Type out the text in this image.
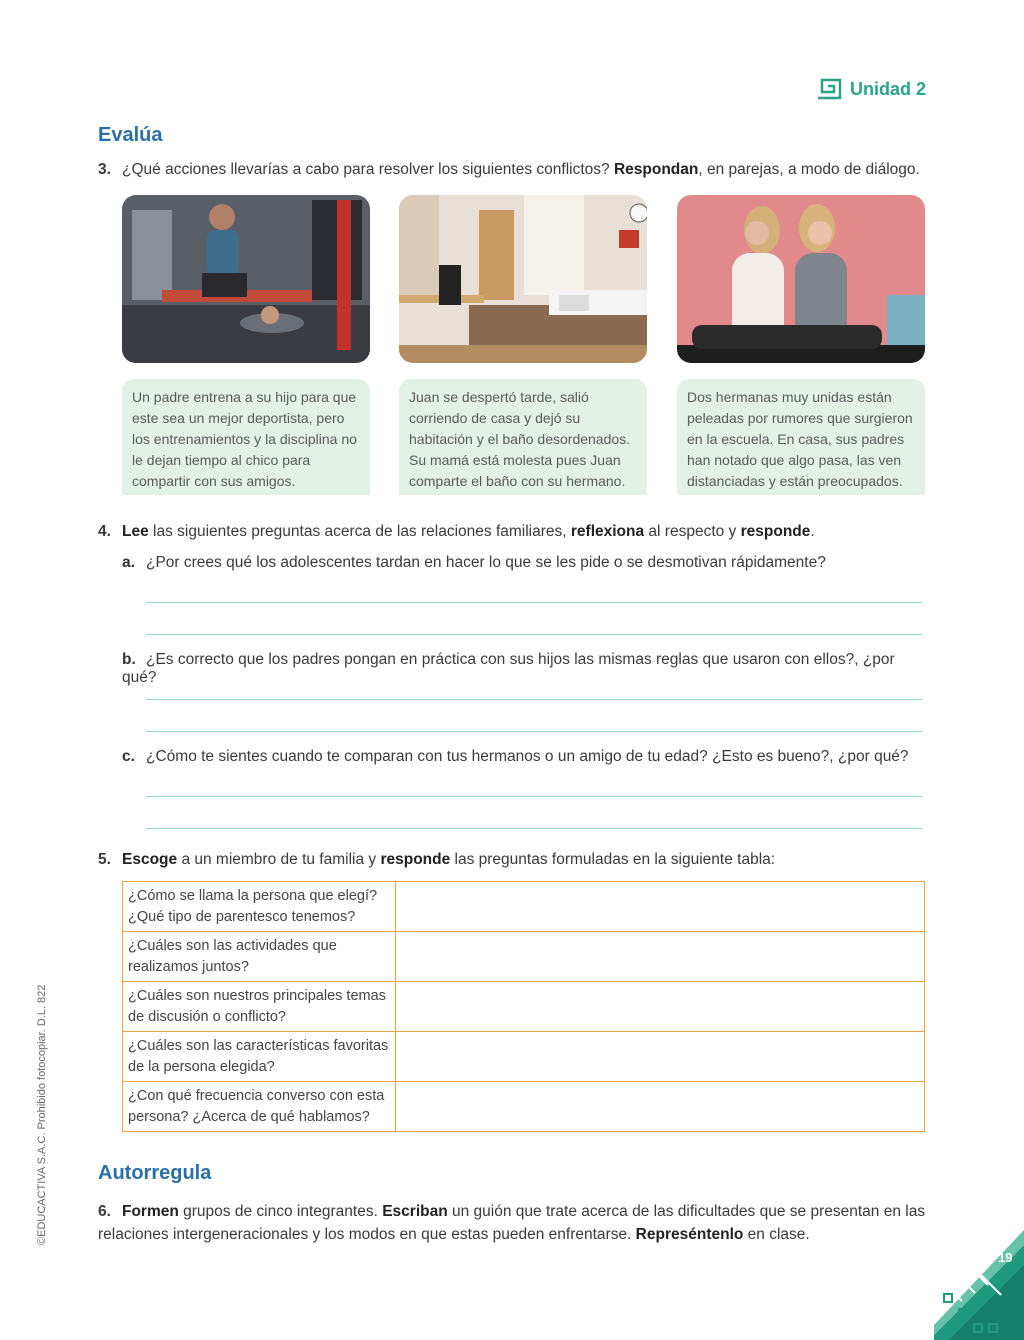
Unidad 2
Evalúa
3. ¿Qué acciones llevarías a cabo para resolver los siguientes conflictos? Respondan, en parejas, a modo de diálogo.
Un padre entrena a su hijo para que este sea un mejor deportista, pero los entrenamientos y la disciplina no le dejan tiempo al chico para compartir con sus amigos.
Juan se despertó tarde, salió corriendo de casa y dejó su habitación y el baño desordenados. Su mamá está molesta pues Juan comparte el baño con su hermano.
Dos hermanas muy unidas están peleadas por rumores que surgieron en la escuela. En casa, sus padres han notado que algo pasa, las ven distanciadas y están preocupados.
4. Lee las siguientes preguntas acerca de las relaciones familiares, reflexiona al respecto y responde.
a. ¿Por crees qué los adolescentes tardan en hacer lo que se les pide o se desmotivan rápidamente?
b. ¿Es correcto que los padres pongan en práctica con sus hijos las mismas reglas que usaron con ellos?, ¿por qué?
c. ¿Cómo te sientes cuando te comparan con tus hermanos o un amigo de tu edad? ¿Esto es bueno?, ¿por qué?
5. Escoge a un miembro de tu familia y responde las preguntas formuladas en la siguiente tabla:
¿Cómo se llama la persona que elegí? ¿Qué tipo de parentesco tenemos?	
¿Cuáles son las actividades que realizamos juntos?	
¿Cuáles son nuestros principales temas de discusión o conflicto?	
¿Cuáles son las características favoritas de la persona elegida?	
¿Con qué frecuencia converso con esta persona? ¿Acerca de qué hablamos?	
Autorregula
6. Formen grupos de cinco integrantes. Escriban un guión que trate acerca de las dificultades que se presentan en las relaciones intergeneracionales y los modos en que estas pueden enfrentarse. Represéntenlo en clase.
©EDUCACTIVA S.A.C. Prohibido fotocopiar. D.L. 822
19
